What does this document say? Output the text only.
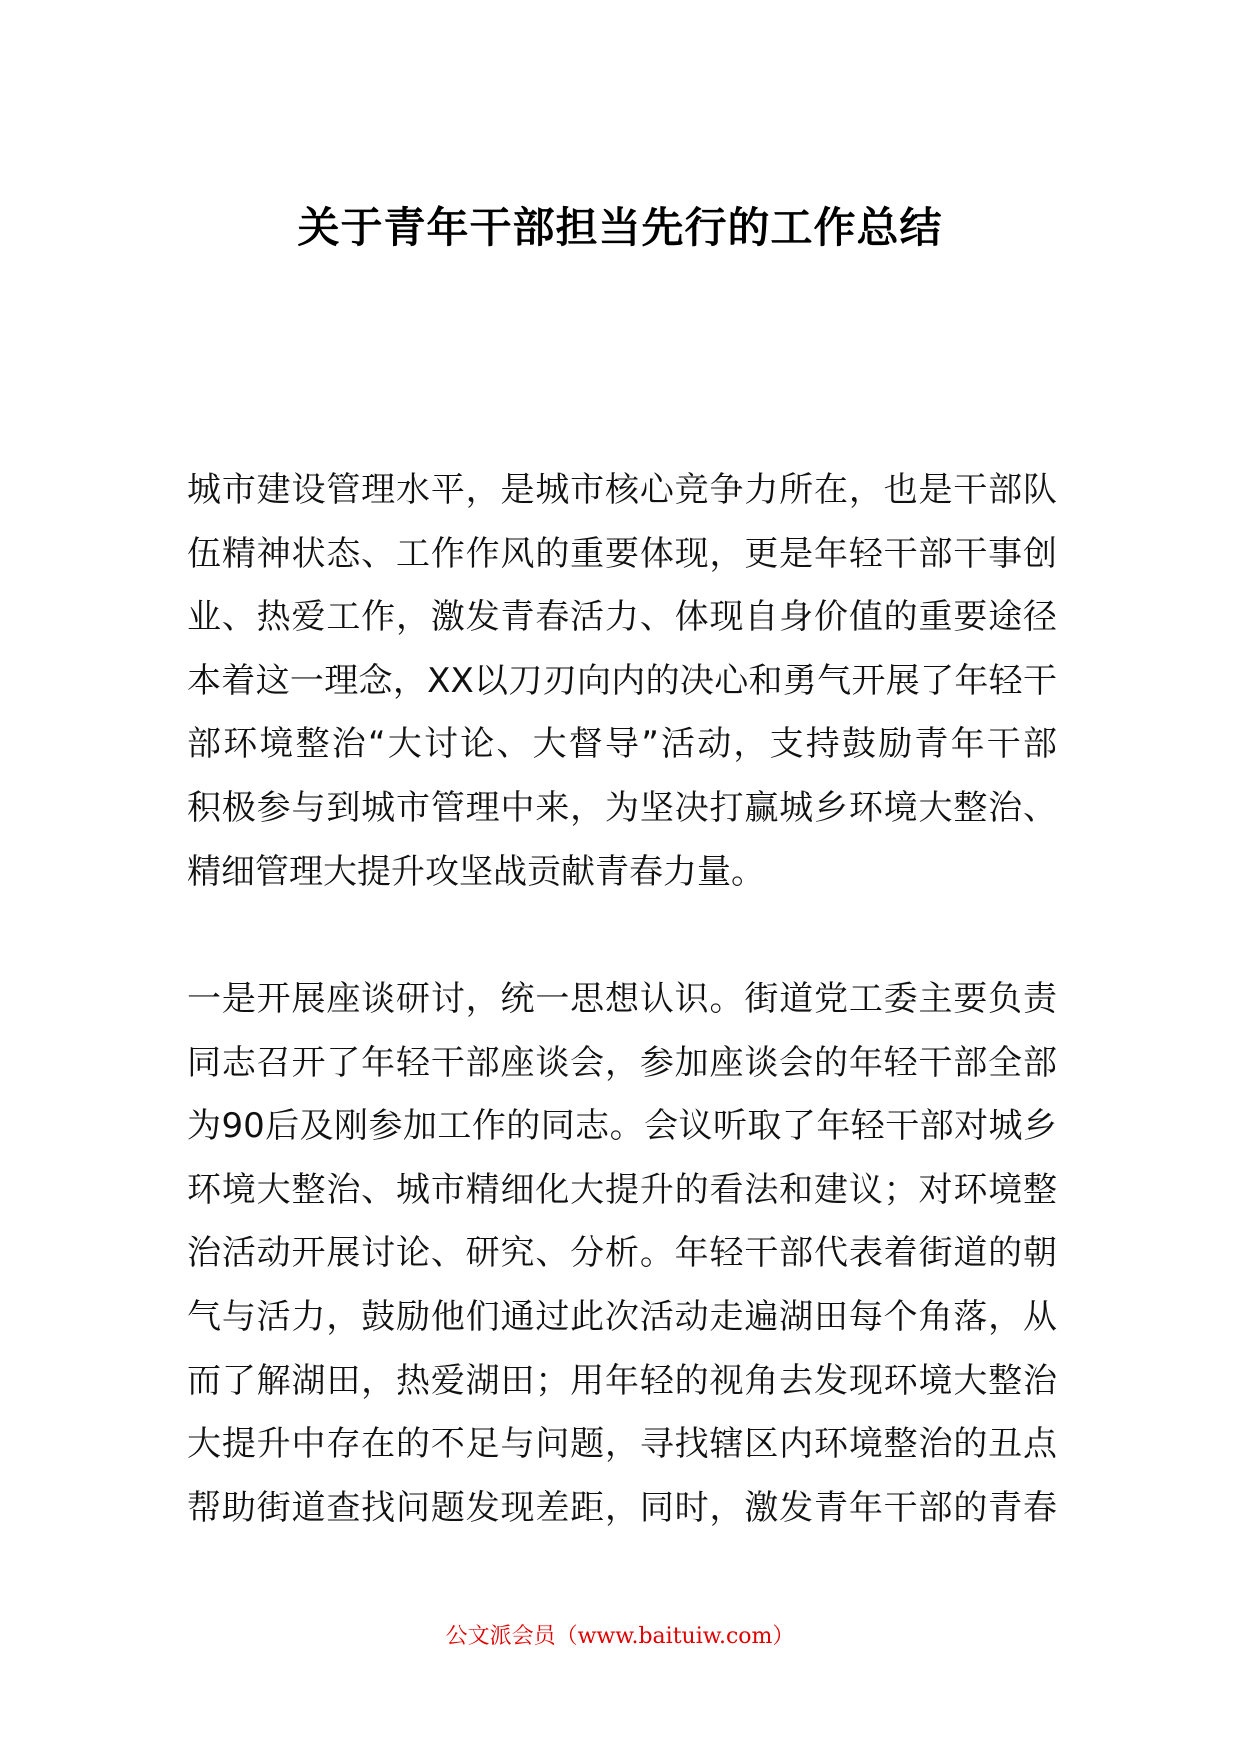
关于青年干部担当先行的工作总结
城市建设管理水平，是城市核心竞争力所在，也是干部队
伍精神状态、工作作风的重要体现，更是年轻干部干事创
业、热爱工作，激发青春活力、体现自身价值的重要途径
本着这一理念，XX以刀刃向内的决心和勇气开展了年轻干
部环境整治“大讨论、大督导”活动，支持鼓励青年干部
积极参与到城市管理中来，为坚决打赢城乡环境大整治、
精细管理大提升攻坚战贡献青春力量。
一是开展座谈研讨，统一思想认识。街道党工委主要负责
同志召开了年轻干部座谈会，参加座谈会的年轻干部全部
为90后及刚参加工作的同志。会议听取了年轻干部对城乡
环境大整治、城市精细化大提升的看法和建议；对环境整
治活动开展讨论、研究、分析。年轻干部代表着街道的朝
气与活力，鼓励他们通过此次活动走遍湖田每个角落，从
而了解湖田，热爱湖田；用年轻的视角去发现环境大整治
大提升中存在的不足与问题，寻找辖区内环境整治的丑点
帮助街道查找问题发现差距，同时，激发青年干部的青春

公文派会员（www.baituiw.com）
